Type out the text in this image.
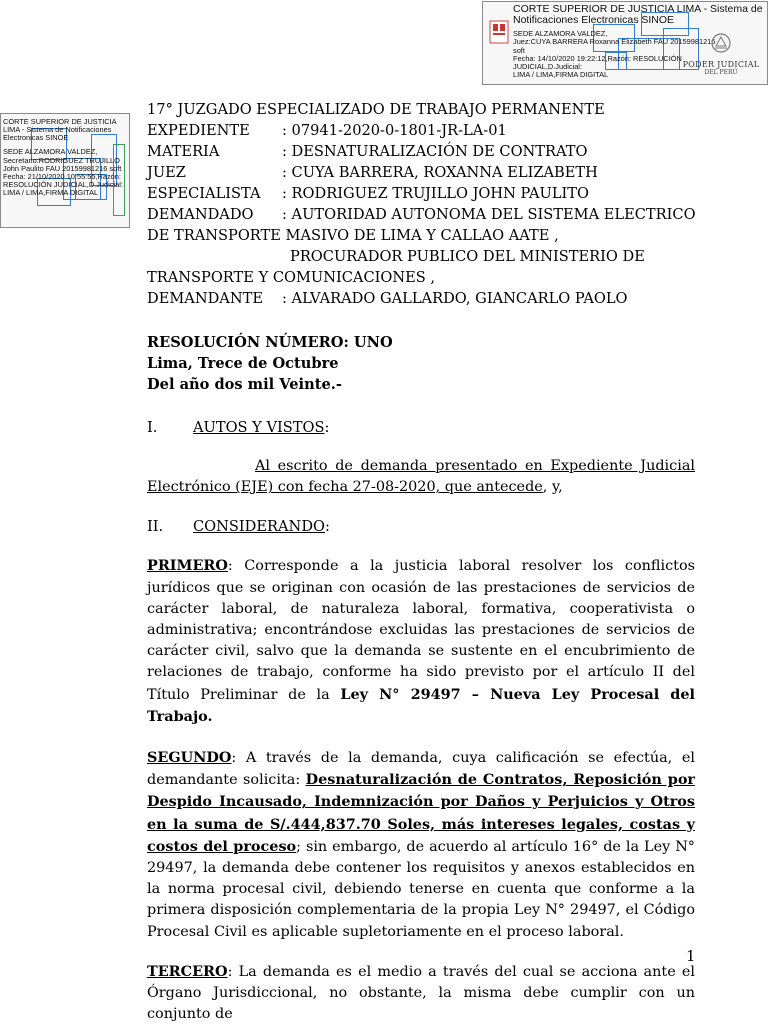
CORTE SUPERIOR DE JUSTICIA LIMA - Sistema de Notificaciones Electronicas SINOE
SEDE ALZAMORA VALDEZ,
Juez:CUYA BARRERA Roxanna Elizabeth FAU 20159981216 soft
Fecha: 14/10/2020 19:22:12,Razón: RESOLUCIÓN JUDICIAL,D.Judicial:
LIMA / LIMA,FIRMA DIGITAL
PODER JUDICIAL
DEL PERÚ
CORTE SUPERIOR DE JUSTICIA LIMA - Sistema de Notificaciones Electronicas SINOE
SEDE ALZAMORA VALDEZ,
Secretario:RODRIGUEZ TRUJILLO John Paulito FAU 20159981216 soft
Fecha: 21/10/2020 10:55:55,Razón: RESOLUCIÓN JUDICIAL,D.Judicial: LIMA / LIMA,FIRMA DIGITAL
17° JUZGADO ESPECIALIZADO DE TRABAJO PERMANENTE
EXPEDIENTE	: 07941-2020-0-1801-JR-LA-01
MATERIA	: DESNATURALIZACIÓN DE CONTRATO
JUEZ	: CUYA BARRERA, ROXANNA ELIZABETH
ESPECIALISTA	: RODRIGUEZ TRUJILLO JOHN PAULITO
DEMANDADO	: AUTORIDAD AUTONOMA DEL SISTEMA ELECTRICO
DE TRANSPORTE MASIVO DE LIMA Y CALLAO AATE ,
PROCURADOR PUBLICO DEL MINISTERIO DE
TRANSPORTE Y COMUNICACIONES ,
DEMANDANTE	: ALVARADO GALLARDO, GIANCARLO PAOLO
RESOLUCIÓN NÚMERO: UNO
Lima, Trece de Octubre
Del año dos mil Veinte.-
I.	AUTOS Y VISTOS:
Al escrito de demanda presentado en Expediente Judicial Electrónico (EJE) con fecha 27-08-2020, que antecede, y,
II.	CONSIDERANDO:
PRIMERO: Corresponde a la justicia laboral resolver los conflictos jurídicos que se originan con ocasión de las prestaciones de servicios de carácter laboral, de naturaleza laboral, formativa, cooperativista o administrativa; encontrándose excluidas las prestaciones de servicios de carácter civil, salvo que la demanda se sustente en el encubrimiento de relaciones de trabajo, conforme ha sido previsto por el artículo II del Título Preliminar de la Ley N° 29497 – Nueva Ley Procesal del Trabajo.
SEGUNDO: A través de la demanda, cuya calificación se efectúa, el demandante solicita: Desnaturalización de Contratos, Reposición por Despido Incausado, Indemnización por Daños y Perjuicios y Otros en la suma de S/.444,837.70 Soles, más intereses legales, costas y costos del proceso; sin embargo, de acuerdo al artículo 16° de la Ley N° 29497, la demanda debe contener los requisitos y anexos establecidos en la norma procesal civil, debiendo tenerse en cuenta que conforme a la primera disposición complementaria de la propia Ley N° 29497, el Código Procesal Civil es aplicable supletoriamente en el proceso laboral.
TERCERO: La demanda es el medio a través del cual se acciona ante el Órgano Jurisdiccional, no obstante, la misma debe cumplir con un conjunto de
1
